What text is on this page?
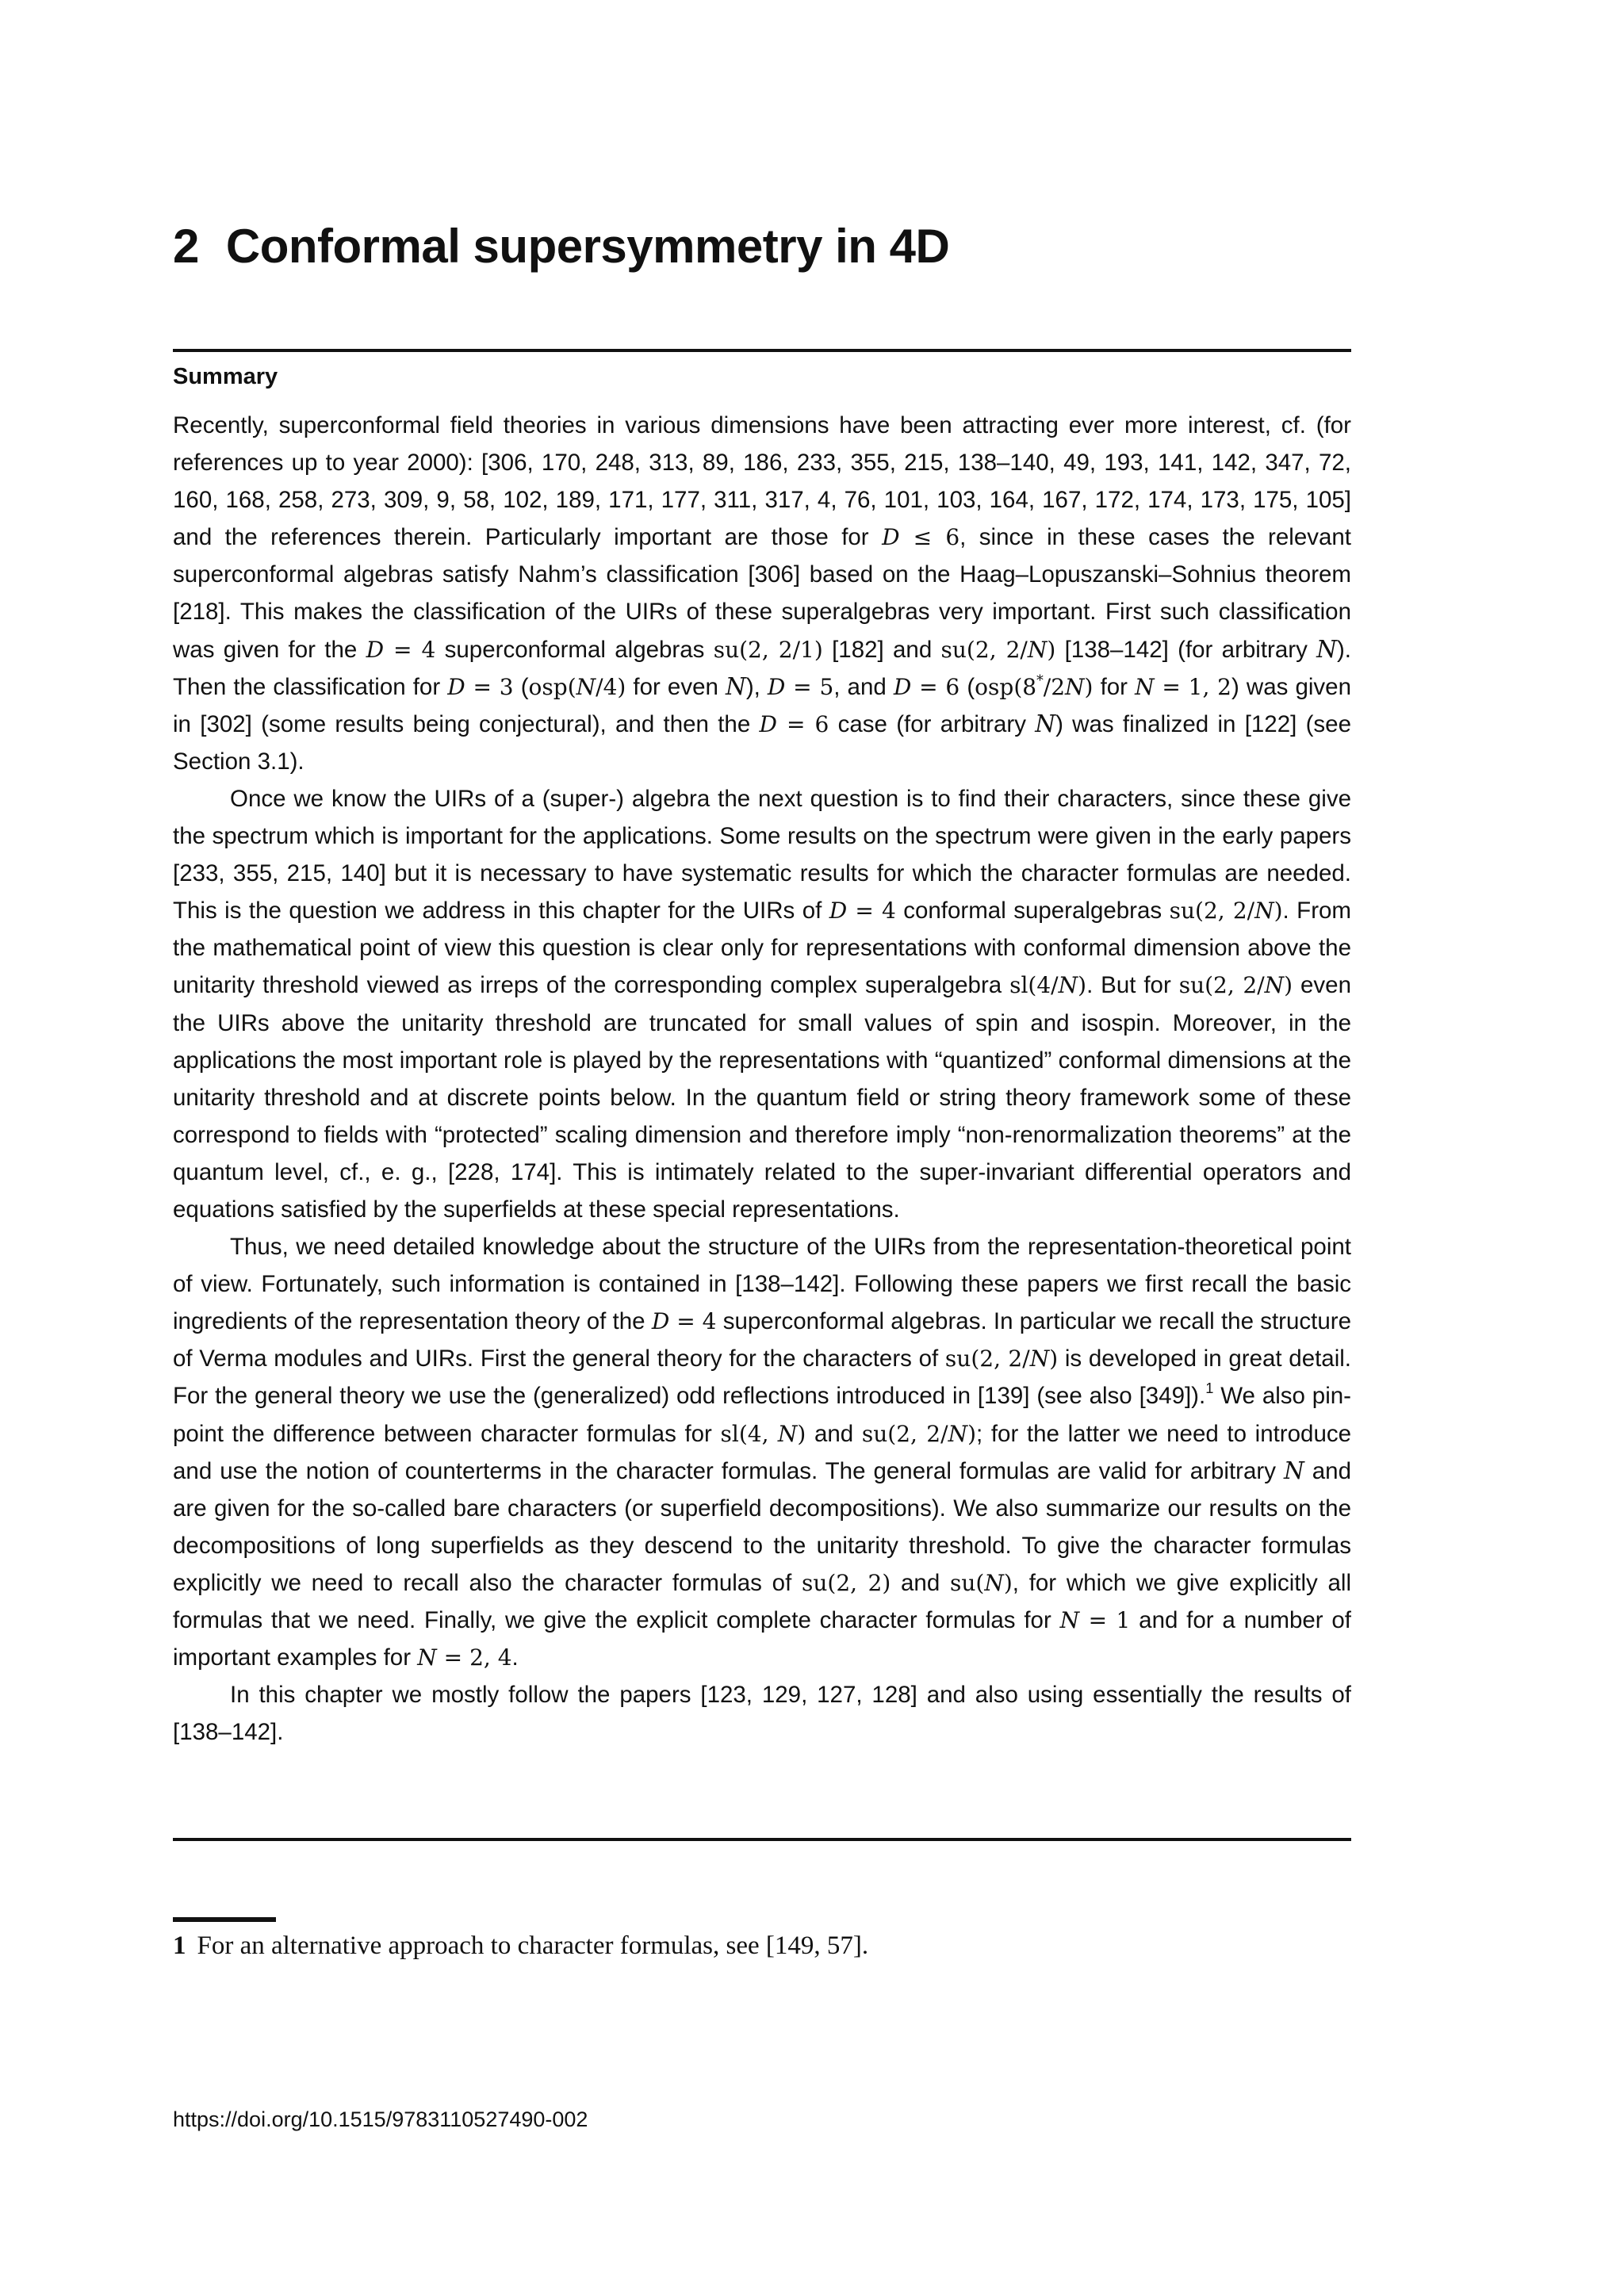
2 Conformal supersymmetry in 4D
Summary

Recently, superconformal field theories in various dimensions have been attracting ever more interest, cf. (for references up to year 2000): [306, 170, 248, 313, 89, 186, 233, 355, 215, 138–140, 49, 193, 141, 142, 347, 72, 160, 168, 258, 273, 309, 9, 58, 102, 189, 171, 177, 311, 317, 4, 76, 101, 103, 164, 167, 172, 174, 173, 175, 105] and the references therein. Particularly important are those for D ≤ 6, since in these cases the relevant superconformal algebras satisfy Nahm’s classification [306] based on the Haag–Lopuszanski–Sohnius theorem [218]. This makes the classification of the UIRs of these superalgebras very important. First such classification was given for the D = 4 superconformal algebras su(2, 2/1) [182] and su(2, 2/N) [138–142] (for arbitrary N). Then the classification for D = 3 (osp(N/4) for even N), D = 5, and D = 6 (osp(8*/2N) for N = 1, 2) was given in [302] (some results being conjectural), and then the D = 6 case (for arbitrary N) was finalized in [122] (see Section 3.1).

Once we know the UIRs of a (super-) algebra the next question is to find their characters, since these give the spectrum which is important for the applications. Some results on the spectrum were given in the early papers [233, 355, 215, 140] but it is necessary to have systematic results for which the character formulas are needed. This is the question we address in this chapter for the UIRs of D = 4 conformal superalgebras su(2, 2/N). From the mathematical point of view this question is clear only for representations with conformal dimension above the unitarity threshold viewed as irreps of the corresponding complex superalgebra sl(4/N). But for su(2, 2/N) even the UIRs above the unitarity threshold are truncated for small values of spin and isospin. Moreover, in the applications the most important role is played by the representations with “quantized” conformal dimensions at the unitarity threshold and at discrete points below. In the quantum field or string theory framework some of these correspond to fields with “protected” scaling dimension and therefore imply “non-renormalization theorems” at the quantum level, cf., e. g., [228, 174]. This is intimately related to the super-invariant differential operators and equations satisfied by the superfields at these special representations.

Thus, we need detailed knowledge about the structure of the UIRs from the representation-theoretical point of view. Fortunately, such information is contained in [138–142]. Following these papers we first recall the basic ingredients of the representation theory of the D = 4 superconformal algebras. In particular we recall the structure of Verma modules and UIRs. First the general theory for the characters of su(2, 2/N) is developed in great detail. For the general theory we use the (generalized) odd reflections introduced in [139] (see also [349]).$^1$ We also pin-point the difference between character formulas for sl(4, N) and su(2, 2/N); for the latter we need to introduce and use the notion of counterterms in the character formulas. The general formulas are valid for arbitrary N and are given for the so-called bare characters (or superfield decompositions). We also summarize our results on the decompositions of long superfields as they descend to the unitarity threshold. To give the character formulas explicitly we need to recall also the character formulas of su(2, 2) and su(N), for which we give explicitly all formulas that we need. Finally, we give the explicit complete character formulas for N = 1 and for a number of important examples for N = 2, 4.

In this chapter we mostly follow the papers [123, 129, 127, 128] and also using essentially the results of [138–142].

1 For an alternative approach to character formulas, see [149, 57].
https://doi.org/10.1515/9783110527490-002
